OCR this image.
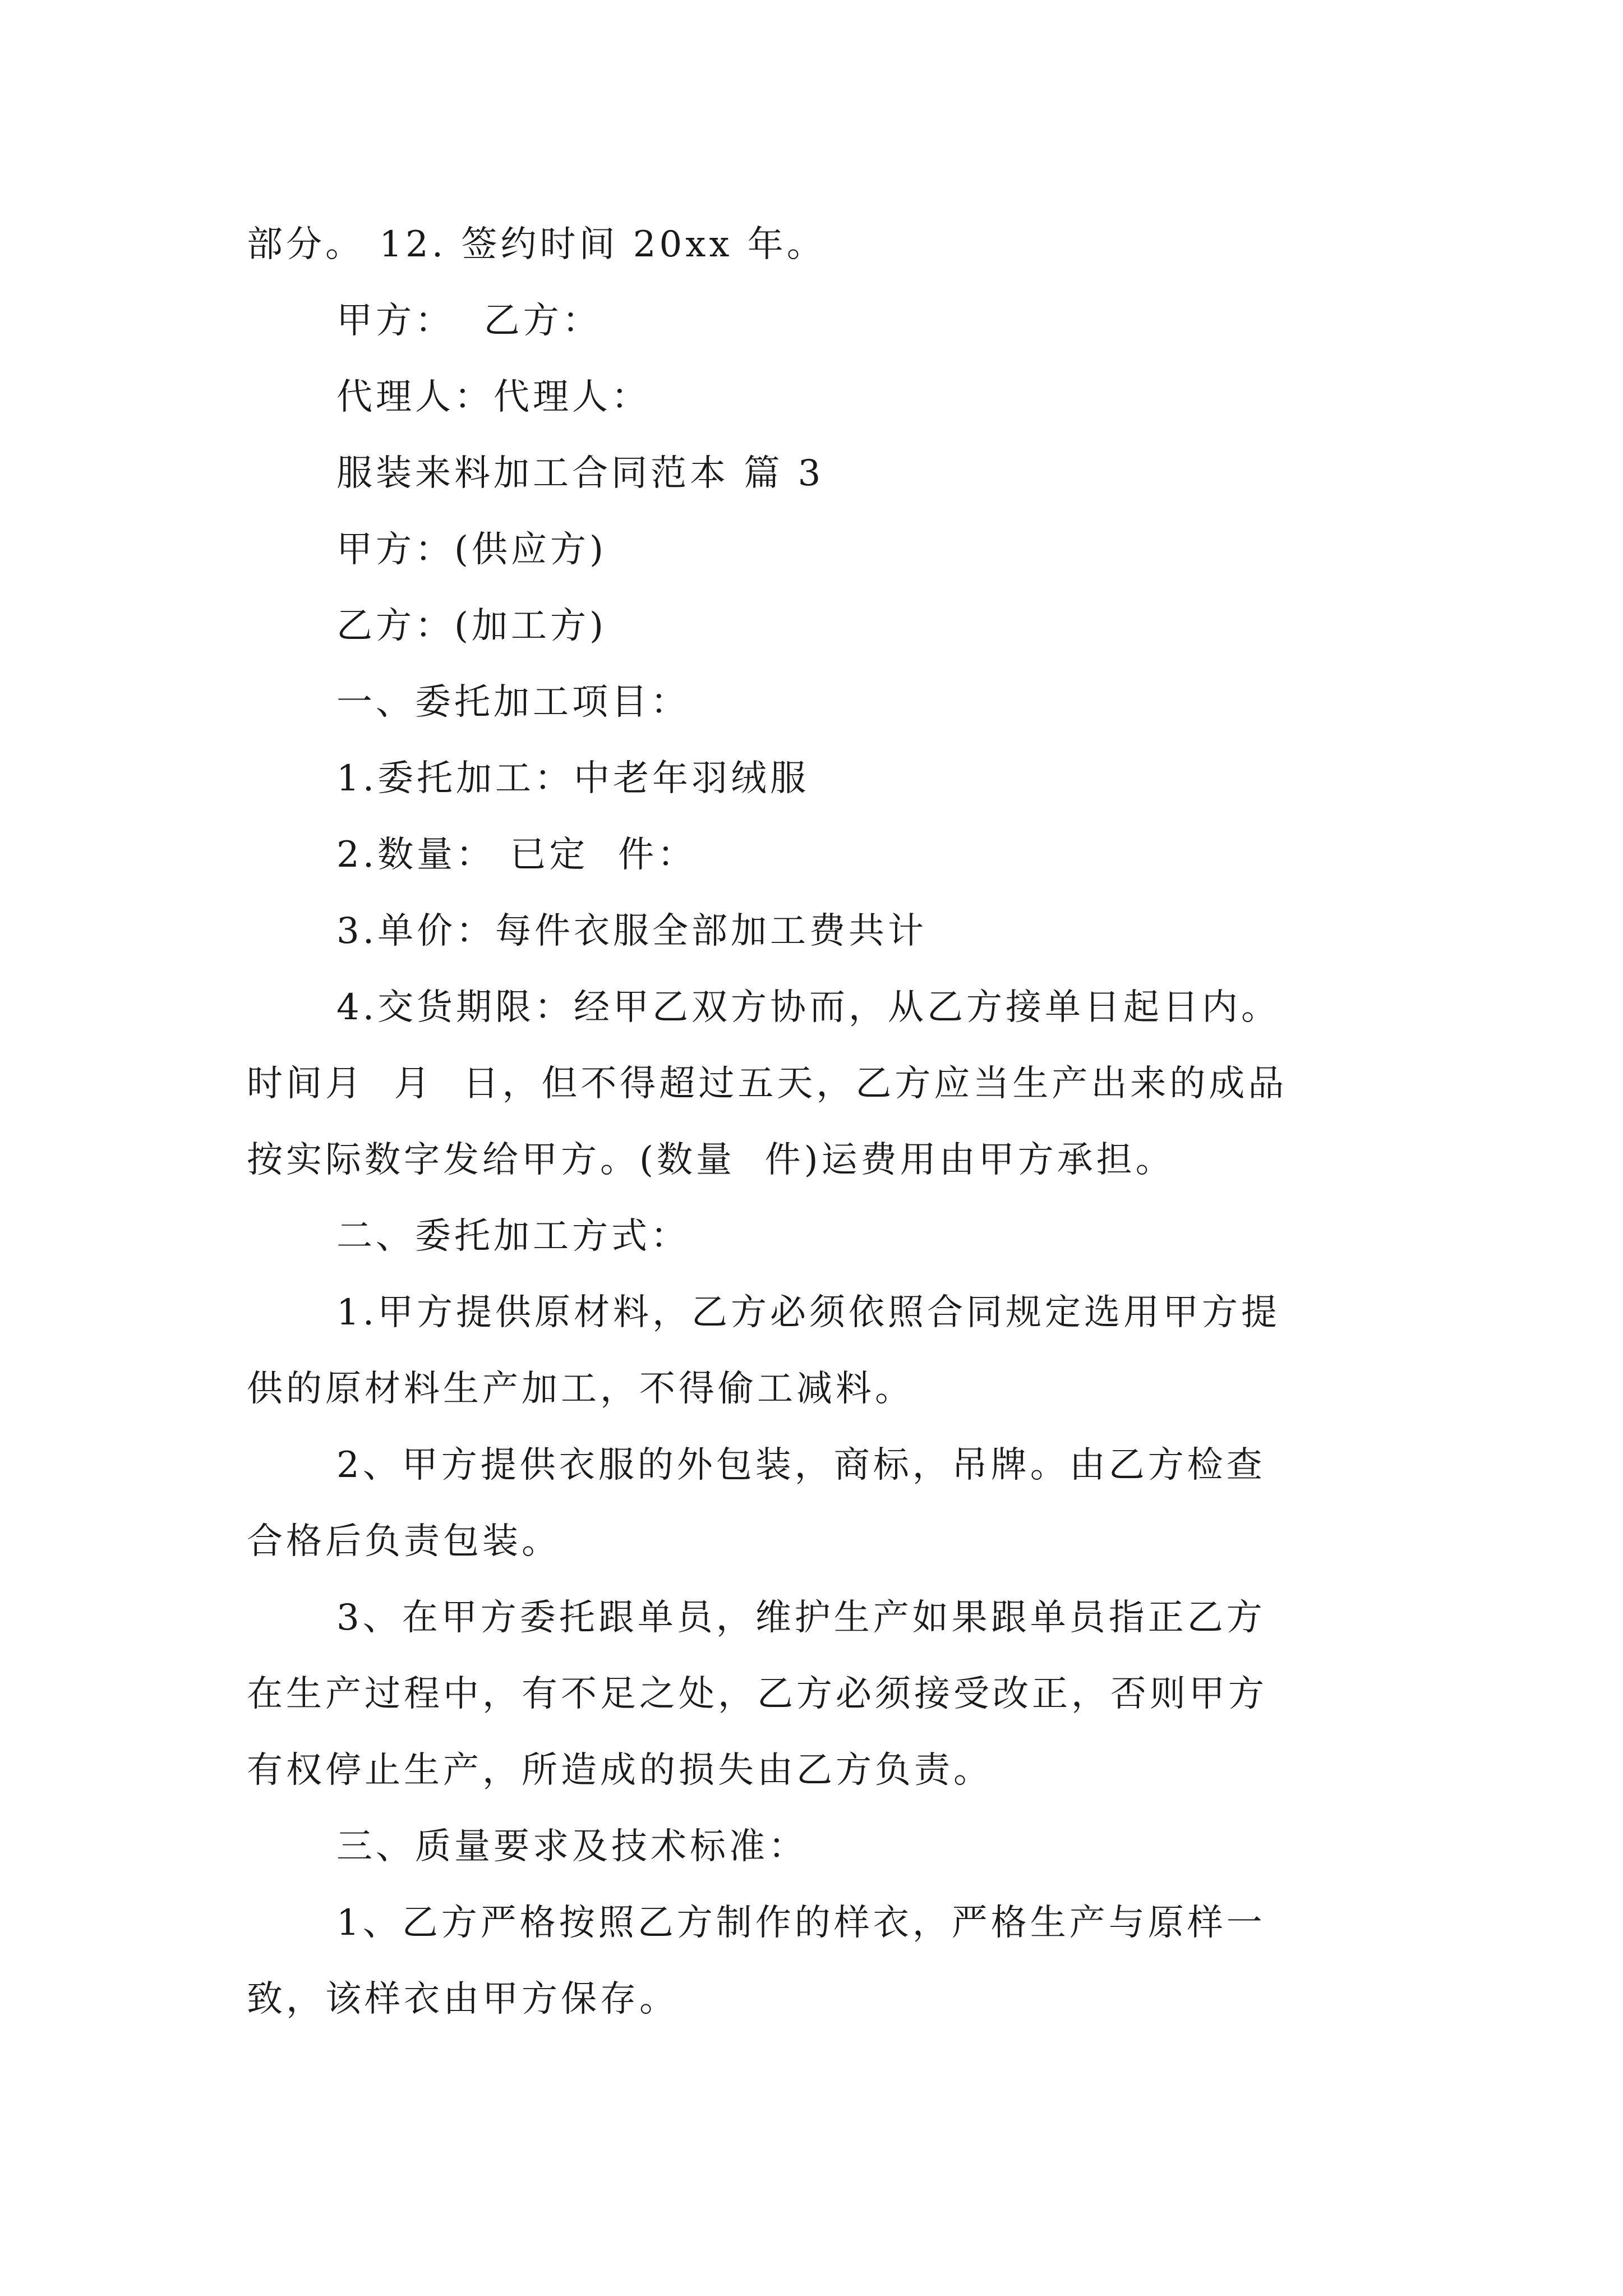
部分。 12. 签约时间 20xx 年。
甲方：  乙方：
代理人：代理人：
服装来料加工合同范本 篇 3
甲方：(供应方)
乙方：(加工方)
一、委托加工项目：
1.委托加工：中老年羽绒服
2.数量： 已定  件：
3.单价：每件衣服全部加工费共计
4.交货期限：经甲乙双方协而，从乙方接单日起日内。
时间月  月  日，但不得超过五天，乙方应当生产出来的成品
按实际数字发给甲方。(数量  件)运费用由甲方承担。
二、委托加工方式：
1.甲方提供原材料，乙方必须依照合同规定选用甲方提
供的原材料生产加工，不得偷工减料。
2、甲方提供衣服的外包装，商标，吊牌。由乙方检查
合格后负责包装。
3、在甲方委托跟单员，维护生产如果跟单员指正乙方
在生产过程中，有不足之处，乙方必须接受改正，否则甲方
有权停止生产，所造成的损失由乙方负责。
三、质量要求及技术标准：
1、乙方严格按照乙方制作的样衣，严格生产与原样一
致，该样衣由甲方保存。
